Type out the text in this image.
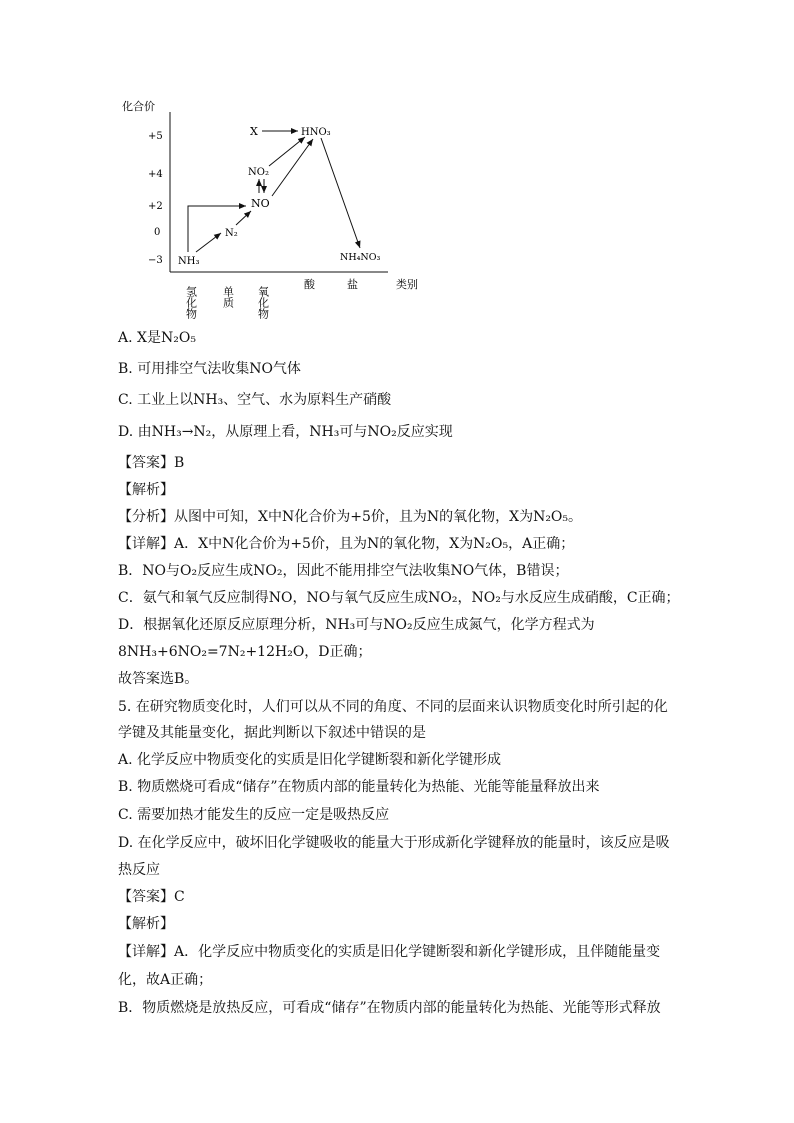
化合价
+5
+4
+2
0
−3
氢化物 单质 氧化物
酸	盐	类别
X	HNO₃
NO₂
NO
N₂
NH₃	NH₄NO₃
A. X是N₂O₅
B. 可用排空气法收集NO气体
C. 工业上以NH₃、空气、水为原料生产硝酸
D. 由NH₃→N₂，从原理上看，NH₃可与NO₂反应实现
【答案】B
【解析】
【分析】从图中可知，X中N化合价为+5价，且为N的氧化物，X为N₂O₅。
【详解】A．X中N化合价为+5价，且为N的氧化物，X为N₂O₅，A正确；
B．NO与O₂反应生成NO₂，因此不能用排空气法收集NO气体，B错误；
C．氨气和氧气反应制得NO，NO与氧气反应生成NO₂，NO₂与水反应生成硝酸，C正确；
D．根据氧化还原反应原理分析，NH₃可与NO₂反应生成氮气，化学方程式为
8NH₃+6NO₂=7N₂+12H₂O，D正确；
故答案选B。
5. 在研究物质变化时，人们可以从不同的角度、不同的层面来认识物质变化时所引起的化
学键及其能量变化，据此判断以下叙述中错误的是
A. 化学反应中物质变化的实质是旧化学键断裂和新化学键形成
B. 物质燃烧可看成“储存”在物质内部的能量转化为热能、光能等能量释放出来
C. 需要加热才能发生的反应一定是吸热反应
D. 在化学反应中，破坏旧化学键吸收的能量大于形成新化学键释放的能量时，该反应是吸
热反应
【答案】C
【解析】
【详解】A．化学反应中物质变化的实质是旧化学键断裂和新化学键形成，且伴随能量变
化，故A正确；
B．物质燃烧是放热反应，可看成“储存”在物质内部的能量转化为热能、光能等形式释放
